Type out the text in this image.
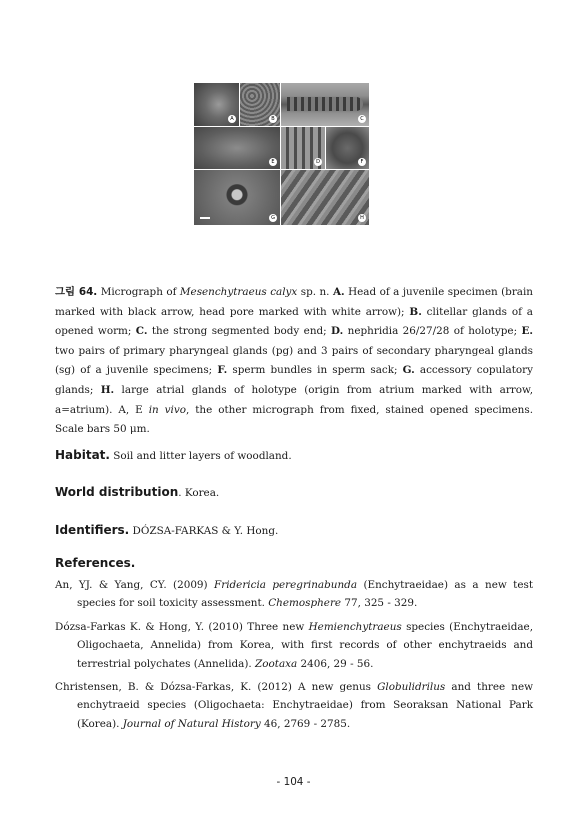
A	B	C
E	D	F
G	H

그림 64. Micrograph of Mesenchytraeus calyx sp. n. A. Head of a juvenile specimen (brain marked with black arrow, head pore marked with white arrow); B. clitellar glands of a opened worm; C. the strong segmented body end; D. nephridia 26/27/28 of holotype; E. two pairs of primary pharyngeal glands (pg) and 3 pairs of secondary pharyngeal glands (sg) of a juvenile specimens; F. sperm bundles in sperm sack; G. accessory copulatory glands; H. large atrial glands of holotype (origin from atrium marked with arrow, a=atrium). A, E in vivo, the other micrograph from fixed, stained opened specimens. Scale bars 50 μm.

Habitat. Soil and litter layers of woodland.

World distribution. Korea.

Identifiers. DÓZSA-FARKAS & Y. Hong.

References.

An, YJ. & Yang, CY. (2009) Fridericia peregrinabunda (Enchytraeidae) as a new test species for soil toxicity assessment. Chemosphere 77, 325 - 329.
Dózsa-Farkas K. & Hong, Y. (2010) Three new Hemienchytraeus species (Enchytraeidae, Oligochaeta, Annelida) from Korea, with first records of other enchytraeids and terrestrial polychates (Annelida). Zootaxa 2406, 29 - 56.
Christensen, B. & Dózsa-Farkas, K. (2012) A new genus Globulidrilus and three new enchytraeid species (Oligochaeta: Enchytraeidae) from Seoraksan National Park (Korea). Journal of Natural History 46, 2769 - 2785.
- 104 -
